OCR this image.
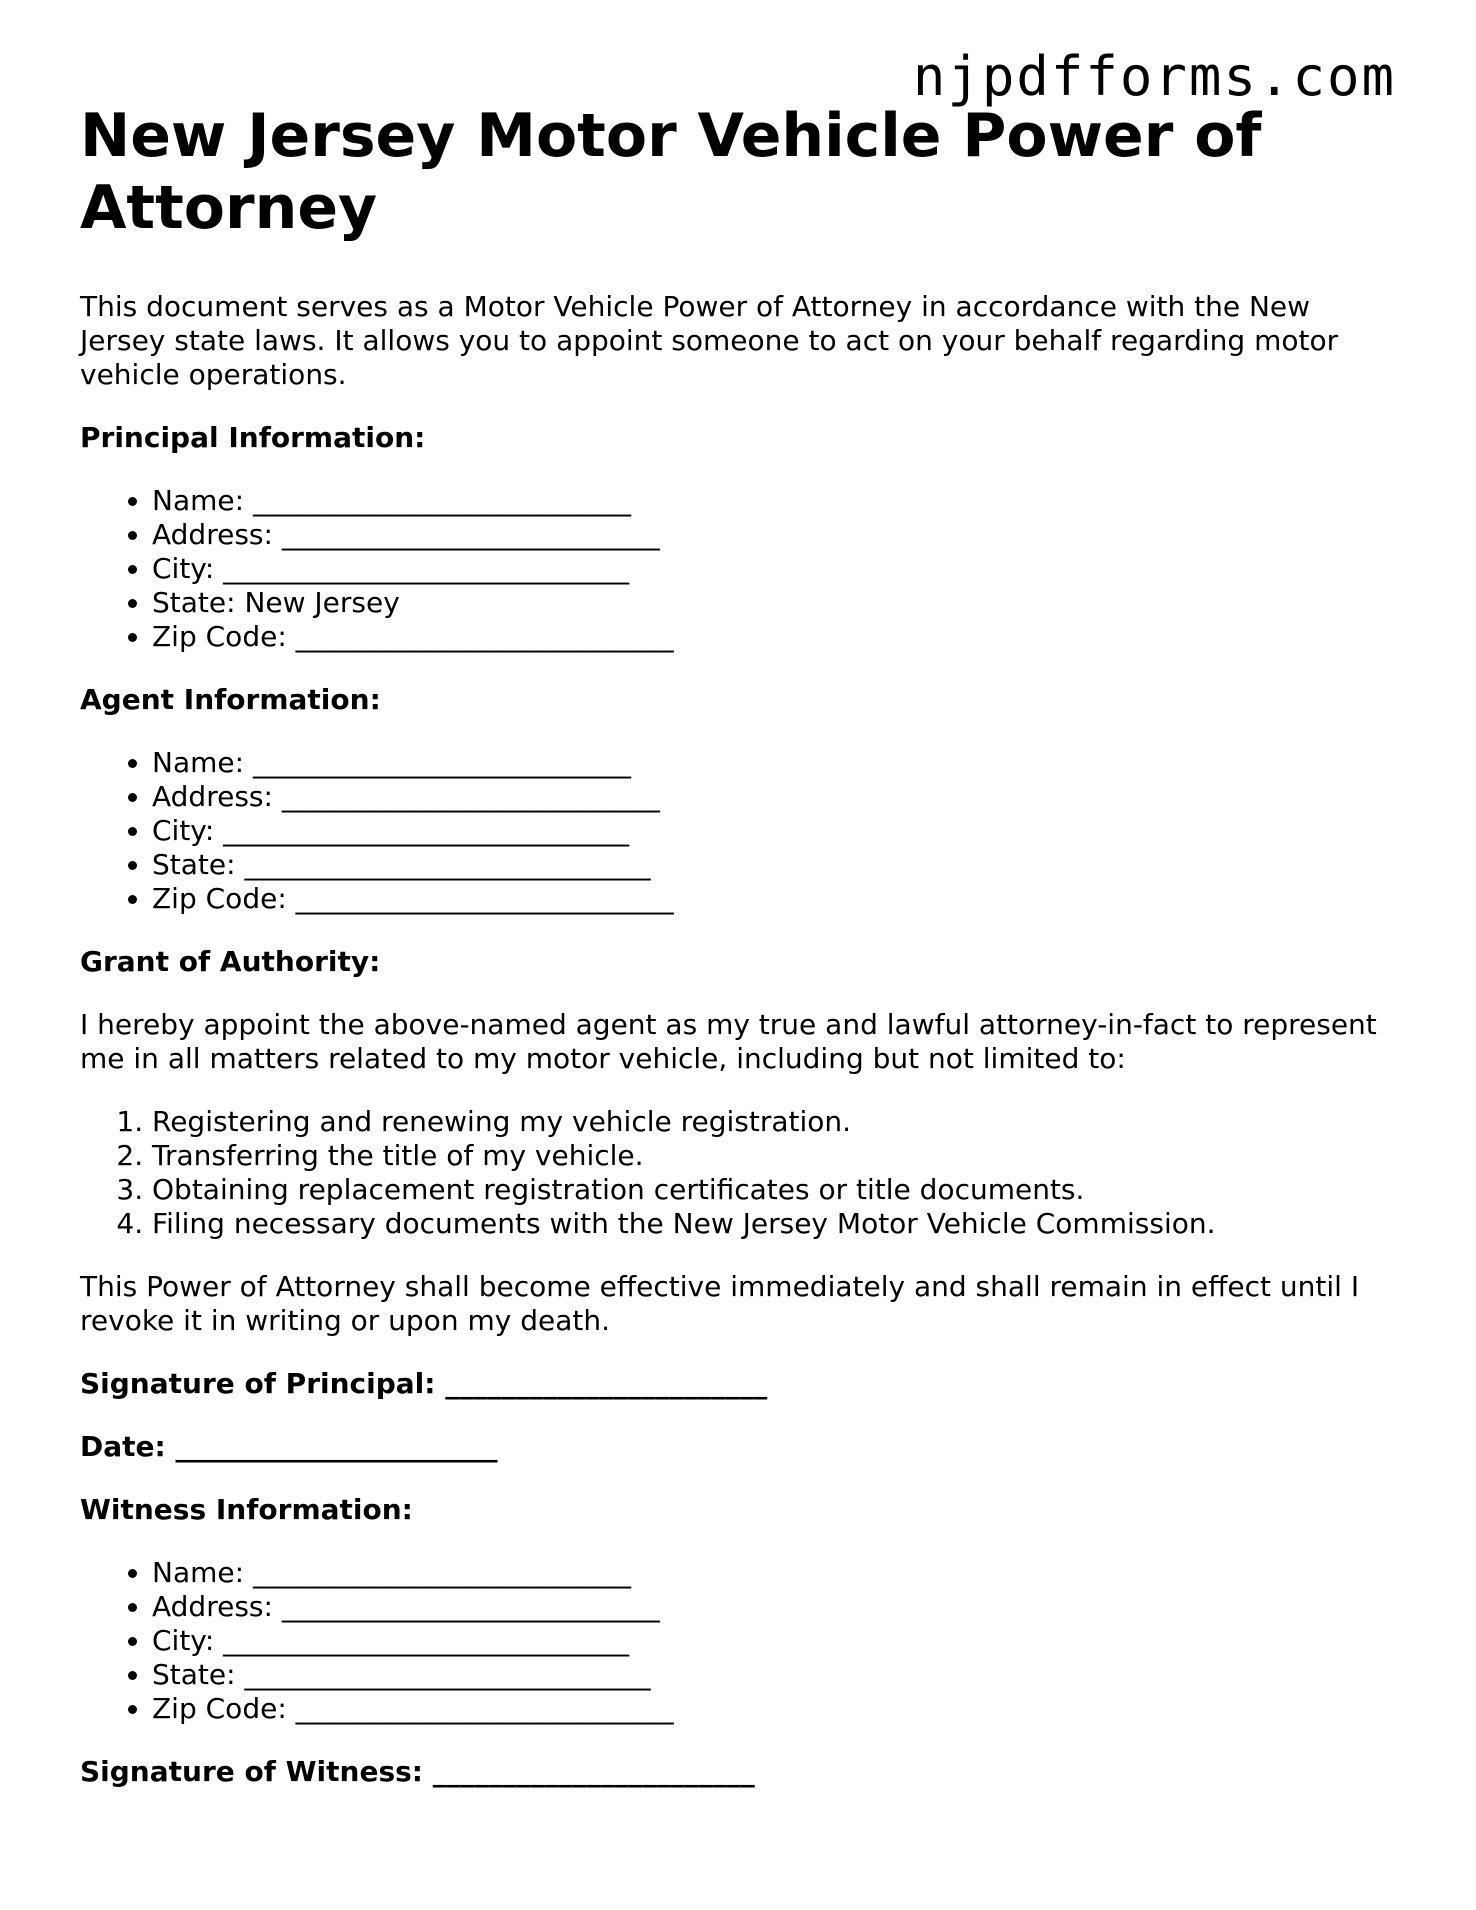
njpdfforms.com
New Jersey Motor Vehicle Power of Attorney

This document serves as a Motor Vehicle Power of Attorney in accordance with the New Jersey state laws. It allows you to appoint someone to act on your behalf regarding motor vehicle operations.

Principal Information:
• Name: ___________________________
• Address: ___________________________
• City: _____________________________
• State: New Jersey
• Zip Code: ___________________________
Agent Information:
• Name: ___________________________
• Address: ___________________________
• City: _____________________________
• State: _____________________________
• Zip Code: ___________________________
Grant of Authority:

I hereby appoint the above-named agent as my true and lawful attorney-in-fact to represent me in all matters related to my motor vehicle, including but not limited to:

1. Registering and renewing my vehicle registration.
2. Transferring the title of my vehicle.
3. Obtaining replacement registration certificates or title documents.
4. Filing necessary documents with the New Jersey Motor Vehicle Commission.

This Power of Attorney shall become effective immediately and shall remain in effect until I revoke it in writing or upon my death.

Signature of Principal: _______________________
Date: _______________________
Witness Information:
• Name: ___________________________
• Address: ___________________________
• City: _____________________________
• State: _____________________________
• Zip Code: ___________________________
Signature of Witness: _______________________
